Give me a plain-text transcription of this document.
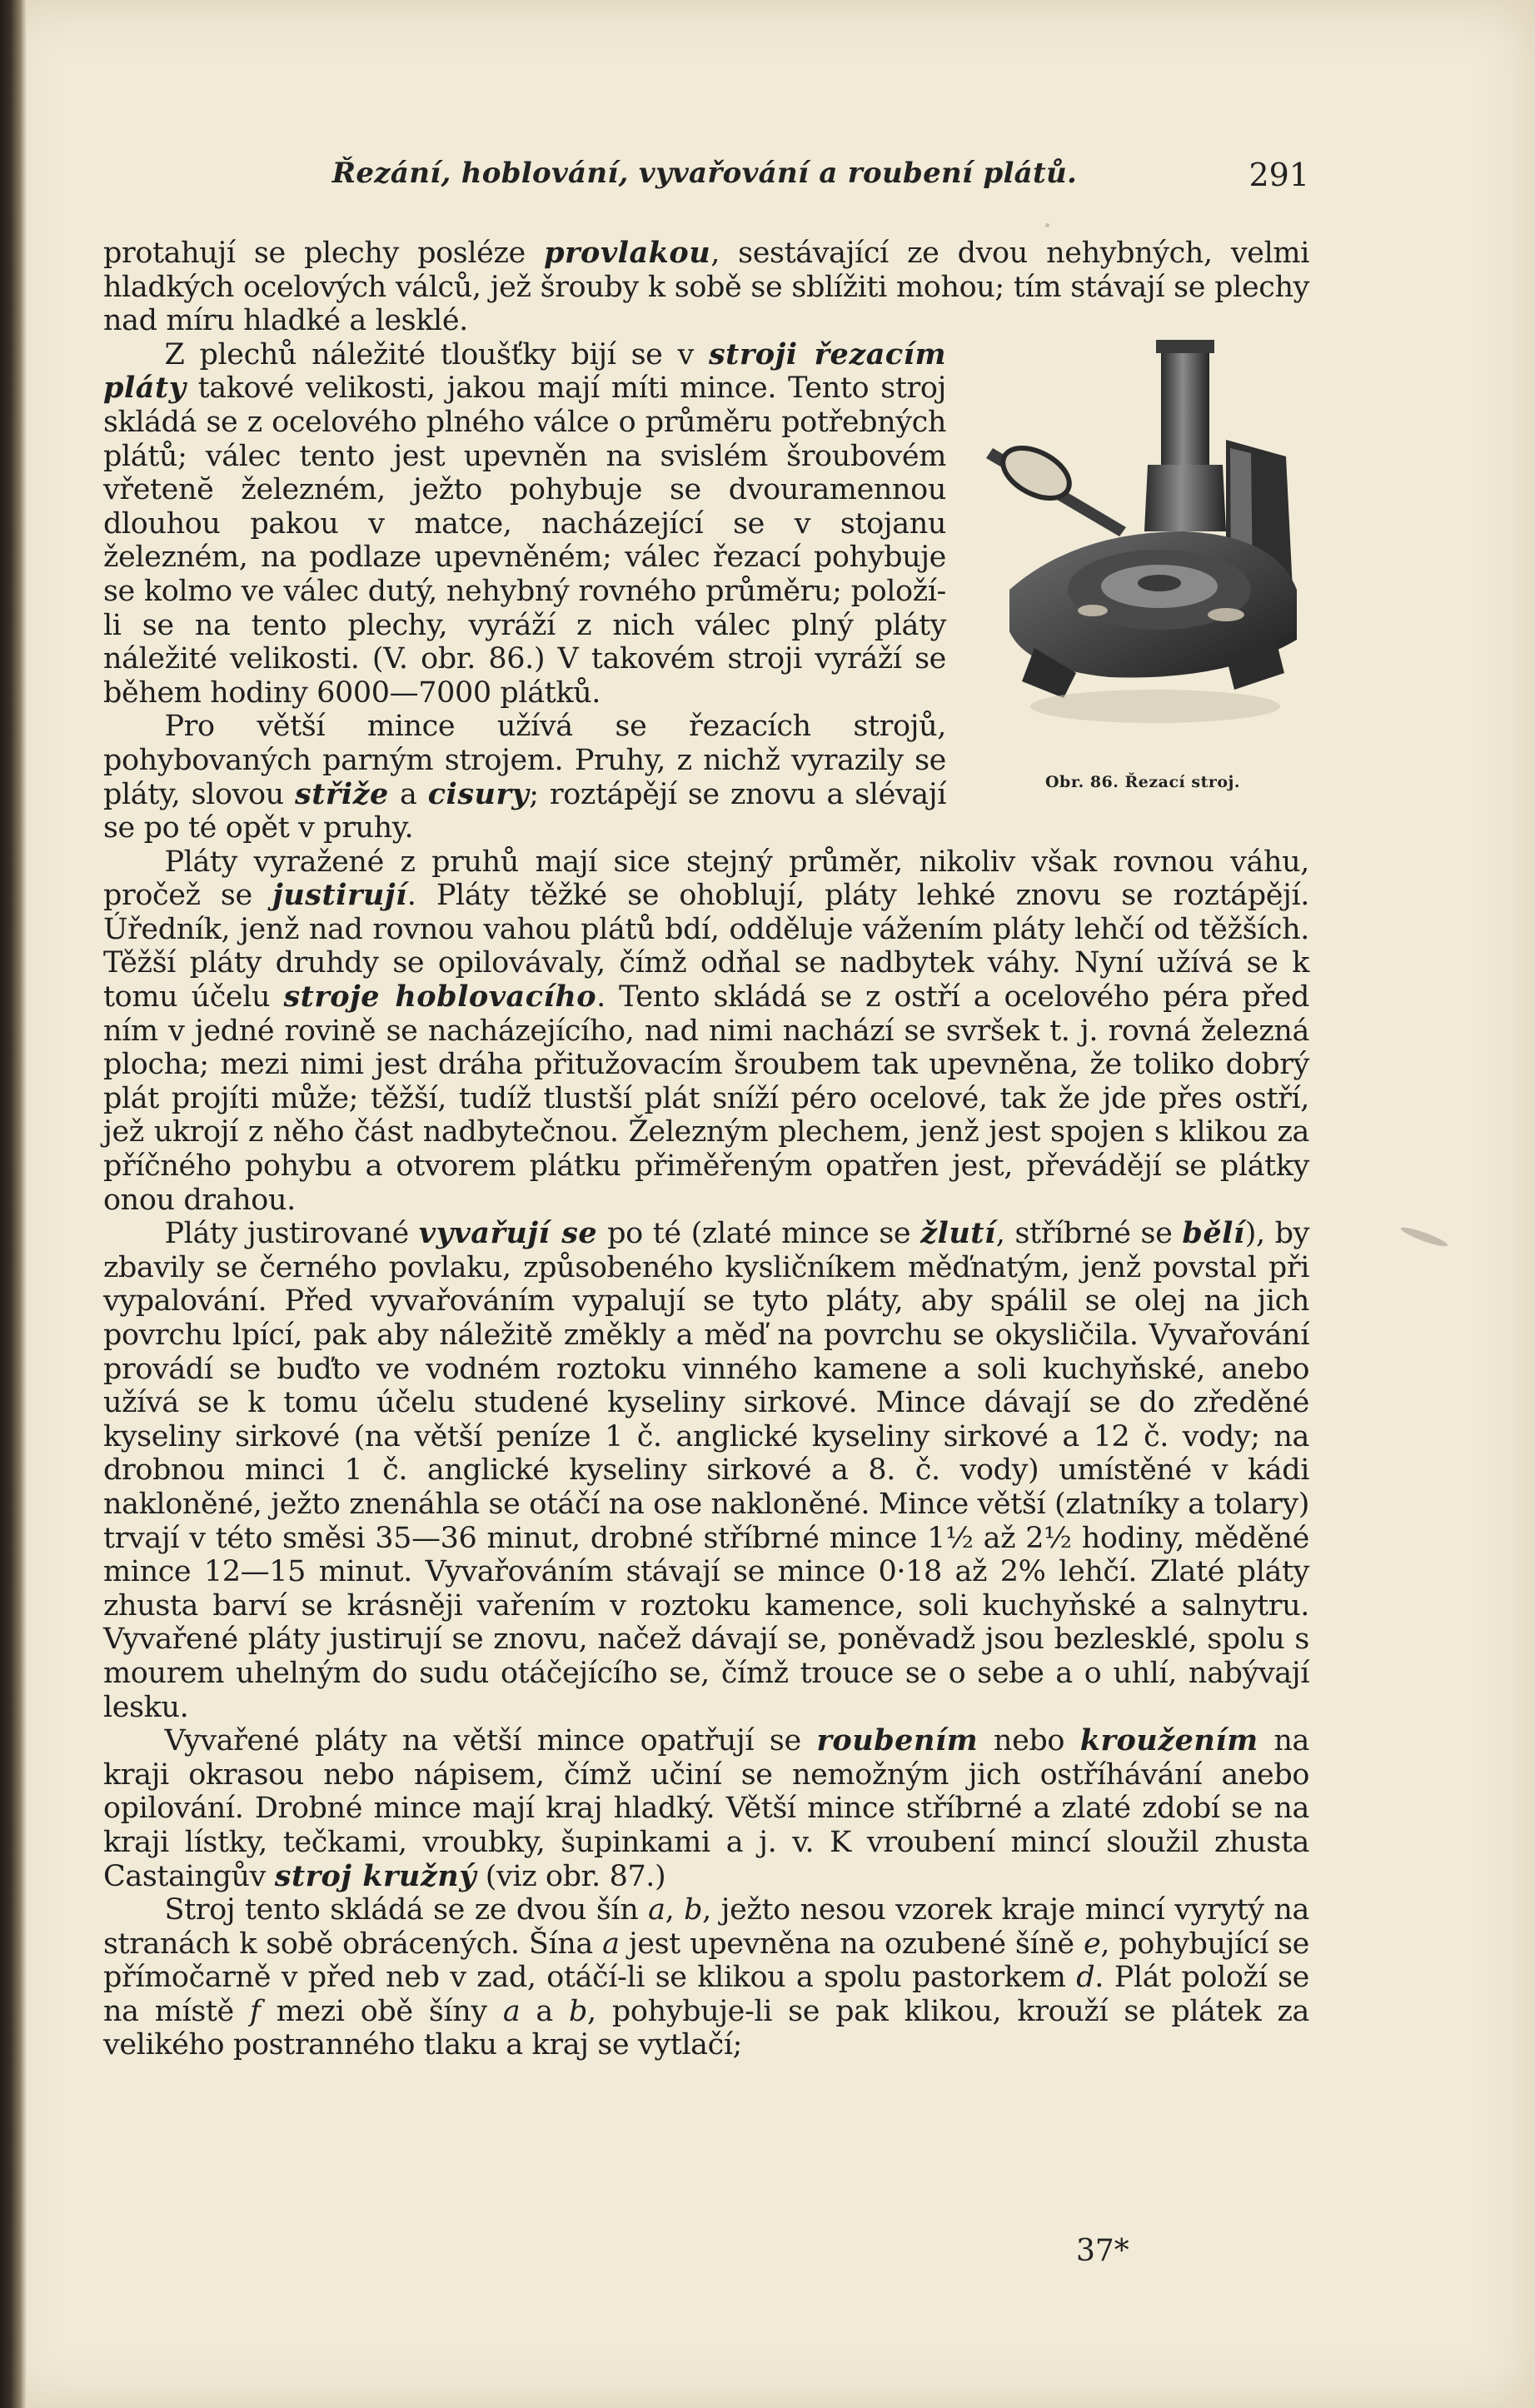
Řezání, hoblování, vyvařování a roubení plátů.	291

protahují se plechy posléze provlakou, sestávající ze dvou nehybných, velmi hladkých ocelových válců, jež šrouby k sobě se sblížiti mohou; tím stávají se plechy nad míru hladké a lesklé.

Obr. 86. Řezací stroj.

Z plechů náležité tloušťky bijí se v stroji řezacím pláty takové velikosti, jakou mají míti mince. Tento stroj skládá se z ocelového plného válce o průměru potřebných plátů; válec tento jest upevněn na svislém šroubovém vřetenĕ železném, ježto pohybuje se dvouramennou dlouhou pakou v matce, nacházející se v stojanu železném, na podlaze upevněném; válec řezací pohybuje se kolmo ve válec dutý, nehybný rovného průměru; položí-li se na tento plechy, vyráží z nich válec plný pláty náležité velikosti. (V. obr. 86.) V takovém stroji vyráží se během hodiny 6000—7000 plátků.

Pro větší mince užívá se řezacích strojů, pohybovaných parným strojem. Pruhy, z nichž vyrazily se pláty, slovou střiže a cisury; roztápějí se znovu a slévají se po té opět v pruhy.

Pláty vyražené z pruhů mají sice stejný průměr, nikoliv však rovnou váhu, pročež se justirují. Pláty těžké se ohoblují, pláty lehké znovu se roztápějí. Úředník, jenž nad rovnou vahou plátů bdí, odděluje vážením pláty lehčí od těžších. Těžší pláty druhdy se opilovávaly, čímž odňal se nadbytek váhy. Nyní užívá se k tomu účelu stroje hoblovacího. Tento skládá se z ostří a ocelového péra před ním v jedné rovině se nacházejícího, nad nimi nachází se svršek t. j. rovná železná plocha; mezi nimi jest dráha přitužovacím šroubem tak upevněna, že toliko dobrý plát projíti může; těžší, tudíž tlustší plát sníží péro ocelové, tak že jde přes ostří, jež ukrojí z něho část nadbytečnou. Železným plechem, jenž jest spojen s klikou za příčného pohybu a otvorem plátku přiměřeným opatřen jest, převádějí se plátky onou drahou.

Pláty justirované vyvařují se po té (zlaté mince se žlutí, stříbrné se bělí), by zbavily se černého povlaku, způsobeného kysličníkem měďnatým, jenž povstal při vypalování. Před vyvařováním vypalují se tyto pláty, aby spálil se olej na jich povrchu lpící, pak aby náležitě změkly a měď na povrchu se okysličila. Vyvařování provádí se buďto ve vodném roztoku vinného kamene a soli kuchyňské, anebo užívá se k tomu účelu studené kyseliny sirkové. Mince dávají se do zředěné kyseliny sirkové (na větší peníze 1 č. anglické kyseliny sirkové a 12 č. vody; na drobnou minci 1 č. anglické kyseliny sirkové a 8. č. vody) umístěné v kádi nakloněné, ježto znenáhla se otáčí na ose nakloněné. Mince větší (zlatníky a tolary) trvají v této směsi 35—36 minut, drobné stříbrné mince 1½ až 2½ hodiny, měděné mince 12—15 minut. Vyvařováním stávají se mince 0·18 až 2% lehčí. Zlaté pláty zhusta barví se krásněji vařením v roztoku kamence, soli kuchyňské a salnytru. Vyvařené pláty justirují se znovu, načež dávají se, poněvadž jsou bezlesklé, spolu s mourem uhelným do sudu otáčejícího se, čímž trouce se o sebe a o uhlí, nabývají lesku.

Vyvařené pláty na větší mince opatřují se roubením nebo kroužením na kraji okrasou nebo nápisem, čímž učiní se nemožným jich ostříhávání anebo opilování. Drobné mince mají kraj hladký. Větší mince stříbrné a zlaté zdobí se na kraji lístky, tečkami, vroubky, šupinkami a j. v. K vroubení mincí sloužil zhusta Castaingův stroj kružný (viz obr. 87.)

Stroj tento skládá se ze dvou šín a, b, ježto nesou vzorek kraje mincí vyrytý na stranách k sobě obrácených. Šína a jest upevněna na ozubené šíně e, pohybující se přímočarně v před neb v zad, otáčí-li se klikou a spolu pastorkem d. Plát položí se na místě f mezi obě šíny a a b, pohybuje-li se pak klikou, krouží se plátek za velikého postranného tlaku a kraj se vytlačí;

37*
